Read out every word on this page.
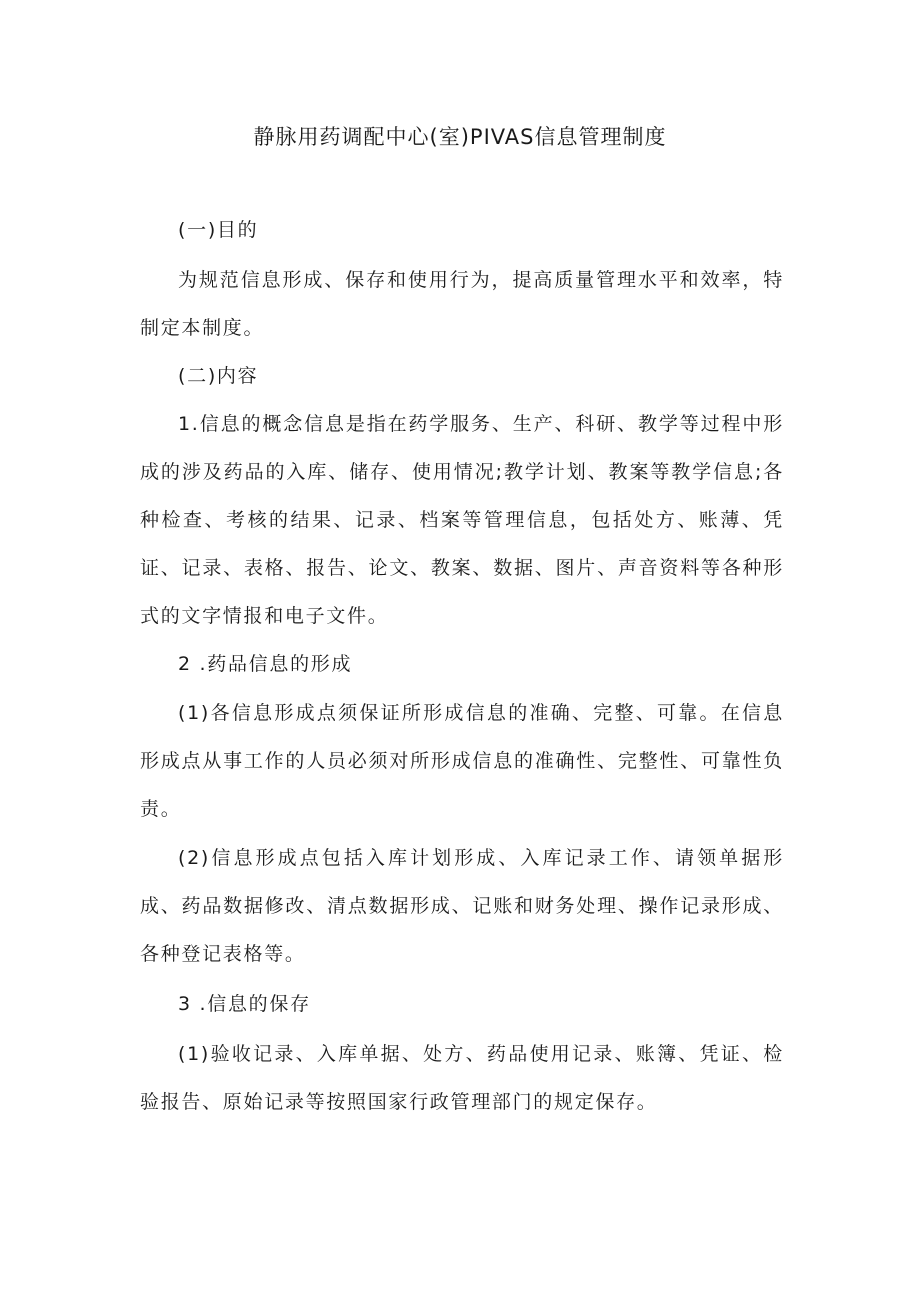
静脉用药调配中心(室)PIVAS信息管理制度

(一)目的

为规范信息形成、保存和使用行为，提高质量管理水平和效率，特制定本制度。

(二)内容

1.信息的概念信息是指在药学服务、生产、科研、教学等过程中形成的涉及药品的入库、储存、使用情况;教学计划、教案等教学信息;各种检查、考核的结果、记录、档案等管理信息，包括处方、账薄、凭证、记录、表格、报告、论文、教案、数据、图片、声音资料等各种形式的文字情报和电子文件。

2 .药品信息的形成

(1)各信息形成点须保证所形成信息的准确、完整、可靠。在信息形成点从事工作的人员必须对所形成信息的准确性、完整性、可靠性负责。

(2)信息形成点包括入库计划形成、入库记录工作、请领单据形成、药品数据修改、清点数据形成、记账和财务处理、操作记录形成、各种登记表格等。

3 .信息的保存

(1)验收记录、入库单据、处方、药品使用记录、账簿、凭证、检验报告、原始记录等按照国家行政管理部门的规定保存。
